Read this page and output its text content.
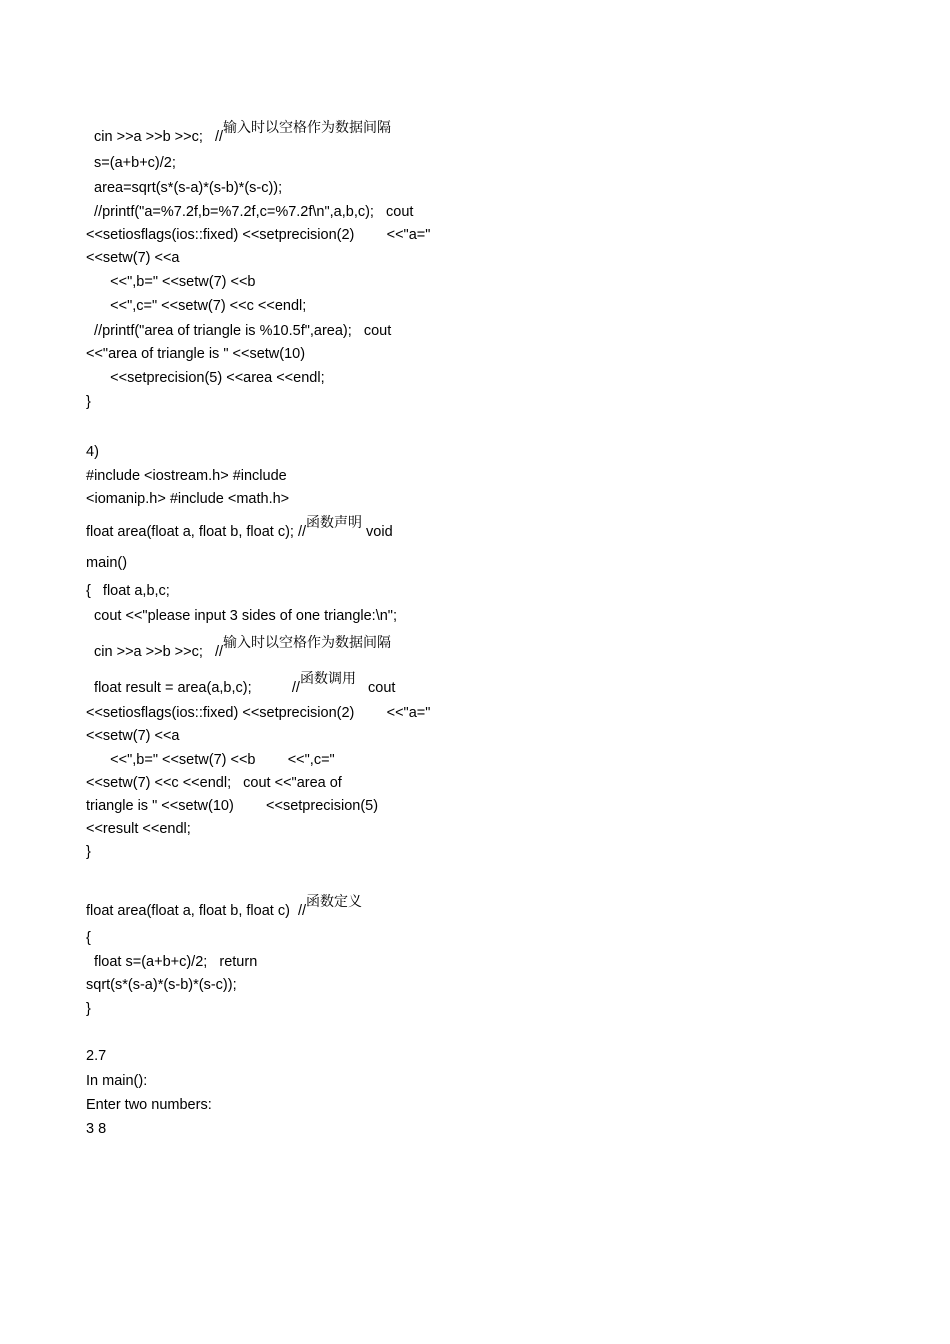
cin >>a >>b >>c;   //输入时以空格作为数据间隔
s=(a+b+c)/2;
area=sqrt(s*(s-a)*(s-b)*(s-c));
//printf("a=%7.2f,b=%7.2f,c=%7.2f\n",a,b,c);   cout
<<setiosflags(ios::fixed) <<setprecision(2)        <<"a="
<<setw(7) <<a
<<",b=" <<setw(7) <<b
<<",c=" <<setw(7) <<c <<endl;
//printf("area of triangle is %10.5f",area);   cout
<<"area of triangle is " <<setw(10)
<<setprecision(5) <<area <<endl;
}
4)
#include <iostream.h> #include
<iomanip.h> #include <math.h>
float area(float a, float b, float c); //函数声明 void
main()
{   float a,b,c;
cout <<"please input 3 sides of one triangle:\n";
cin >>a >>b >>c;   //输入时以空格作为数据间隔
float result = area(a,b,c);          //函数调用   cout
<<setiosflags(ios::fixed) <<setprecision(2)        <<"a="
<<setw(7) <<a
<<",b=" <<setw(7) <<b        <<",c="
<<setw(7) <<c <<endl;   cout <<"area of
triangle is " <<setw(10)        <<setprecision(5)
<<result <<endl;
}
float area(float a, float b, float c)  //函数定义
{
float s=(a+b+c)/2;   return
sqrt(s*(s-a)*(s-b)*(s-c));
}
2.7
In main():
Enter two numbers:
3 8
